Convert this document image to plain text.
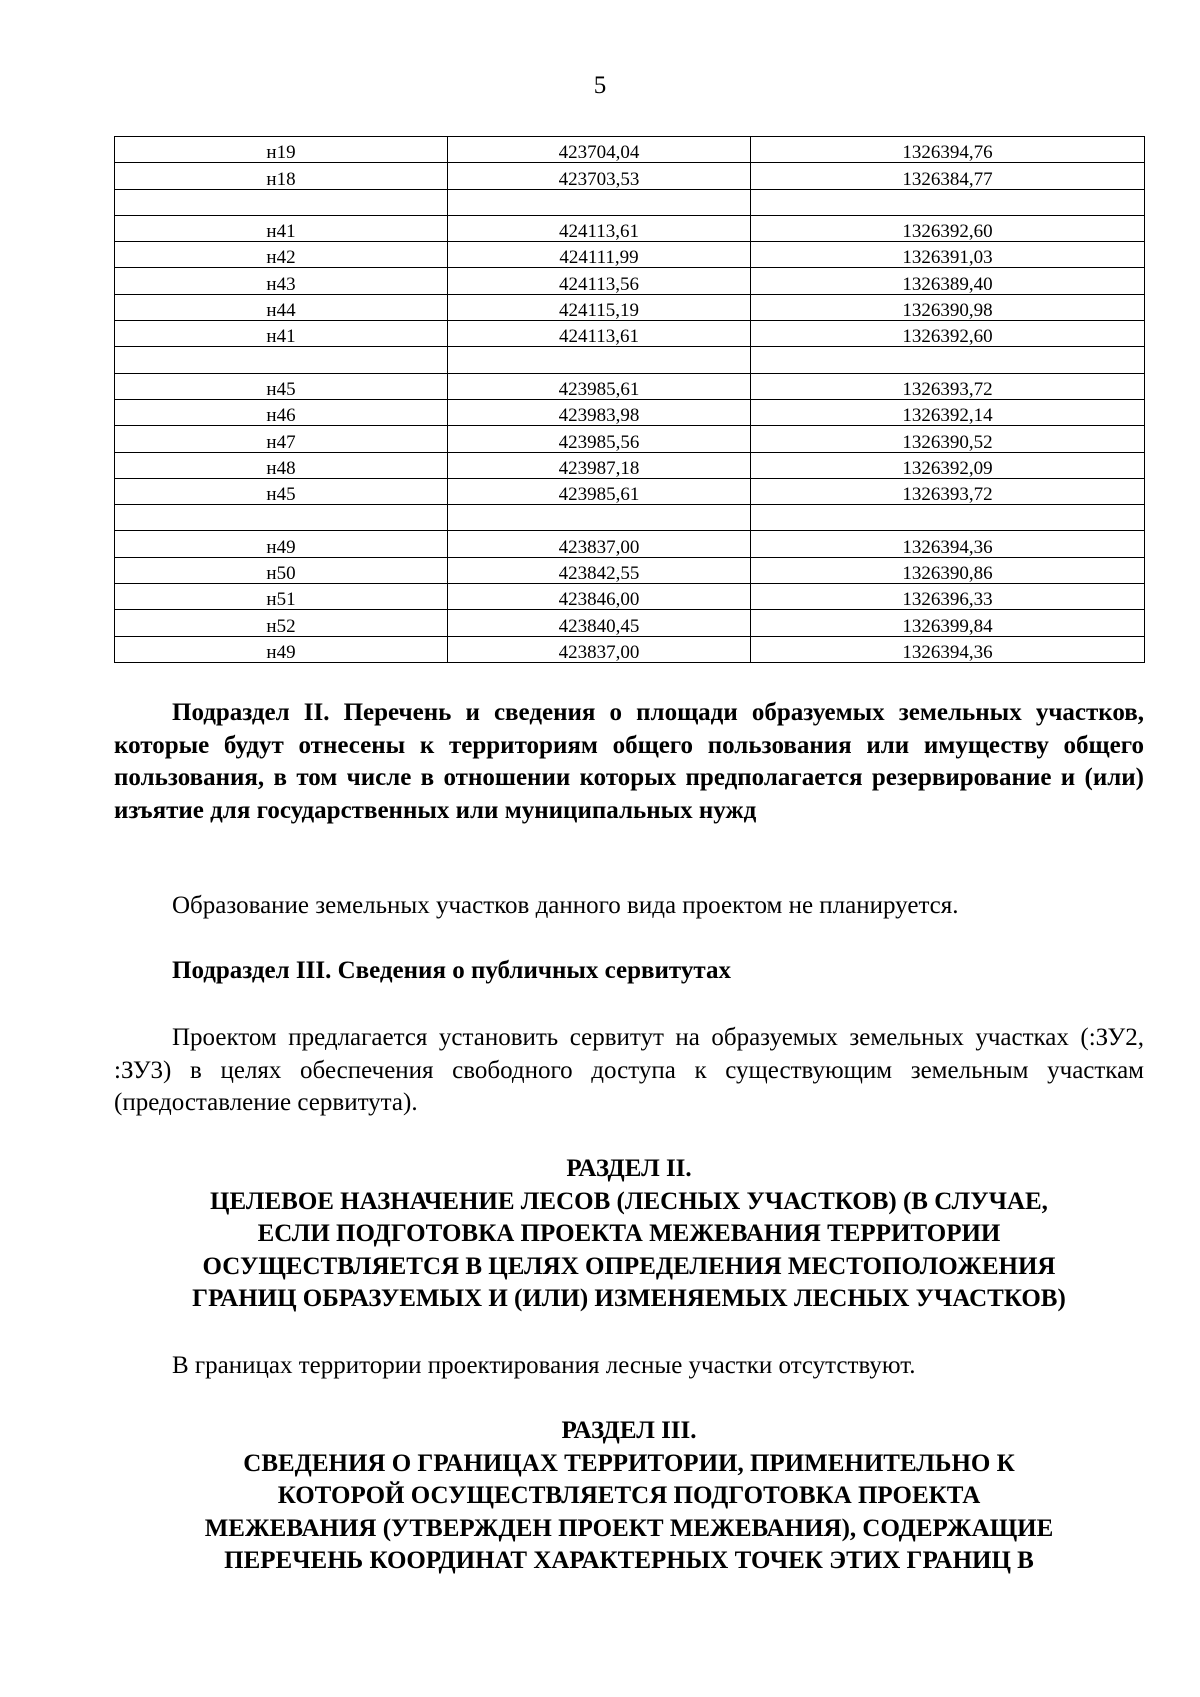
5
н19	423704,04	1326394,76
н18	423703,53	1326384,77

н41	424113,61	1326392,60
н42	424111,99	1326391,03
н43	424113,56	1326389,40
н44	424115,19	1326390,98
н41	424113,61	1326392,60

н45	423985,61	1326393,72
н46	423983,98	1326392,14
н47	423985,56	1326390,52
н48	423987,18	1326392,09
н45	423985,61	1326393,72

н49	423837,00	1326394,36
н50	423842,55	1326390,86
н51	423846,00	1326396,33
н52	423840,45	1326399,84
н49	423837,00	1326394,36
Подраздел II. Перечень и сведения о площади образуемых земельных участков, которые будут отнесены к территориям общего пользования или имуществу общего пользования, в том числе в отношении которых предполагается резервирование и (или) изъятие для государственных или муниципальных нужд
Образование земельных участков данного вида проектом не планируется.
Подраздел III. Сведения о публичных сервитутах
Проектом предлагается установить сервитут на образуемых земельных участках (:ЗУ2, :ЗУ3) в целях обеспечения свободного доступа к существующим земельным участкам (предоставление сервитута).
РАЗДЕЛ II.
ЦЕЛЕВОЕ НАЗНАЧЕНИЕ ЛЕСОВ (ЛЕСНЫХ УЧАСТКОВ) (В СЛУЧАЕ,
ЕСЛИ ПОДГОТОВКА ПРОЕКТА МЕЖЕВАНИЯ ТЕРРИТОРИИ
ОСУЩЕСТВЛЯЕТСЯ В ЦЕЛЯХ ОПРЕДЕЛЕНИЯ МЕСТОПОЛОЖЕНИЯ
ГРАНИЦ ОБРАЗУЕМЫХ И (ИЛИ) ИЗМЕНЯЕМЫХ ЛЕСНЫХ УЧАСТКОВ)
В границах территории проектирования лесные участки отсутствуют.
РАЗДЕЛ III.
СВЕДЕНИЯ О ГРАНИЦАХ ТЕРРИТОРИИ, ПРИМЕНИТЕЛЬНО К
КОТОРОЙ ОСУЩЕСТВЛЯЕТСЯ ПОДГОТОВКА ПРОЕКТА
МЕЖЕВАНИЯ (УТВЕРЖДЕН ПРОЕКТ МЕЖЕВАНИЯ), СОДЕРЖАЩИЕ
ПЕРЕЧЕНЬ КООРДИНАТ ХАРАКТЕРНЫХ ТОЧЕК ЭТИХ ГРАНИЦ В
